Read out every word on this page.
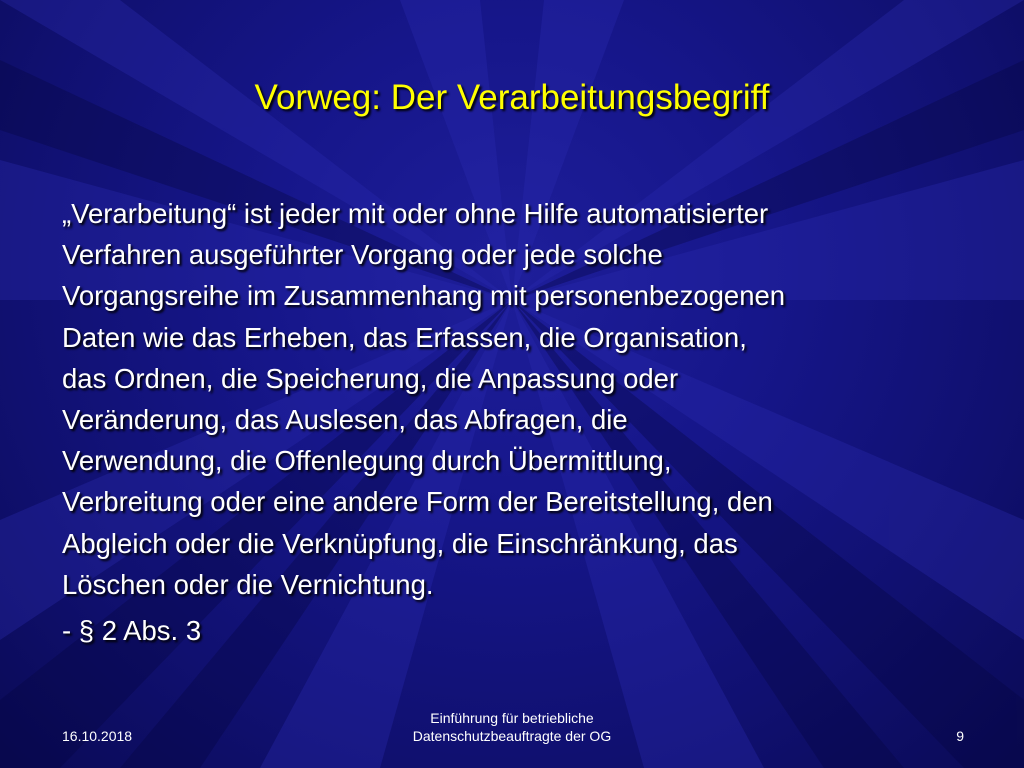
Vorweg: Der Verarbeitungsbegriff
„Verarbeitung“ ist jeder mit oder ohne Hilfe automatisierter
Verfahren ausgeführter Vorgang oder jede solche
Vorgangsreihe im Zusammenhang mit personenbezogenen
Daten wie das Erheben, das Erfassen, die Organisation,
das Ordnen, die Speicherung, die Anpassung oder
Veränderung, das Auslesen, das Abfragen, die
Verwendung, die Offenlegung durch Übermittlung,
Verbreitung oder eine andere Form der Bereitstellung, den
Abgleich oder die Verknüpfung, die Einschränkung, das
Löschen oder die Vernichtung.
- § 2 Abs. 3
16.10.2018
Einführung für betriebliche
Datenschutzbeauftragte der OG	9
